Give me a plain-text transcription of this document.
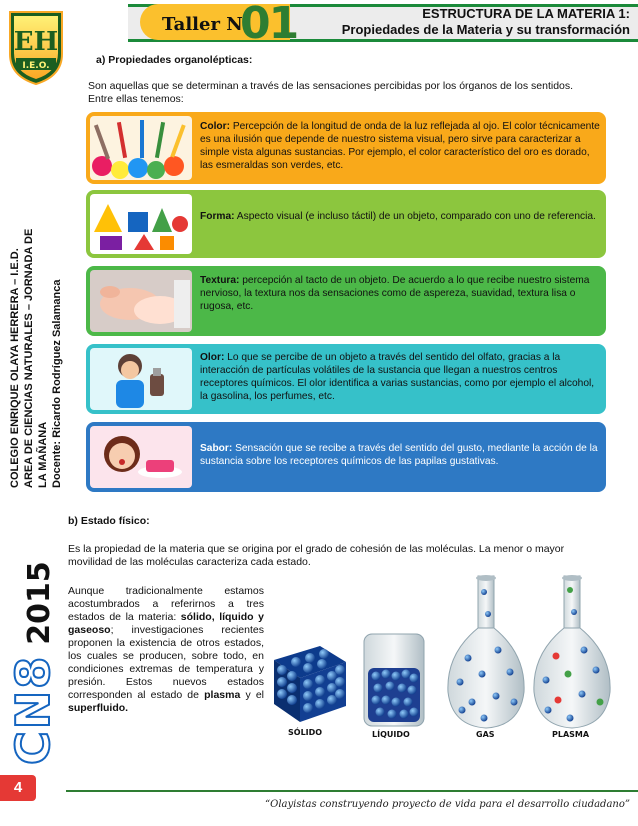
Taller N°
01	ESTRUCTURA DE LA MATERIA 1:
Propiedades de la Materia y su transformación
EH
I.E.O.
COLEGIO ENRIQUE OLAYA HERRERA – I.E.D. AREA DE CIENCIAS NATURALES – JORNADA DE LA MAÑANA Docente: Ricardo Rodríguez Salamanca
CN82015
4
a) Propiedades organolépticas:
Son aquellas que se determinan a través de las sensaciones percibidas por los órganos de los sentidos.
Entre ellas tenemos:
Color: Percepción de la longitud de onda de la luz reflejada al ojo. El color técnicamente es una ilusión que depende de nuestro sistema visual, pero sirve para caracterizar a simple vista algunas sustancias. Por ejemplo, el color característico del oro es dorado, las esmeraldas son verdes, etc.
Forma: Aspecto visual (e incluso táctil) de un objeto, comparado con uno de referencia.
Textura: percepción al tacto de un objeto. De acuerdo a lo que recibe nuestro sistema nervioso, la textura nos da sensaciones como de aspereza, suavidad, textura lisa o rugosa, etc.
Olor: Lo que se percibe de un objeto a través del sentido del olfato, gracias a la interacción de partículas volátiles de la sustancia que llegan a nuestros centros receptores químicos. El olor identifica a varias sustancias, como por ejemplo el alcohol, la gasolina, los perfumes, etc.
Sabor: Sensación que se recibe a través del sentido del gusto, mediante la acción de la sustancia sobre los receptores químicos de las papilas gustativas.
b) Estado físico:
Es la propiedad de la materia que se origina por el grado de cohesión de las moléculas. La menor o mayor movilidad de las moléculas caracteriza cada estado.
Aunque tradicionalmente estamos acostumbrados a referirnos a tres estados de la materia: sólido, líquido y gaseoso; investigaciones recientes proponen la existencia de otros estados, los cuales se producen, sobre todo, en condiciones extremas de temperatura y presión. Estos nuevos estados corresponden al estado de plasma y el superfluido.
SÓLIDO	LÍQUIDO	GAS	PLASMA
“Olayistas construyendo proyecto de vida para el desarrollo ciudadano”
